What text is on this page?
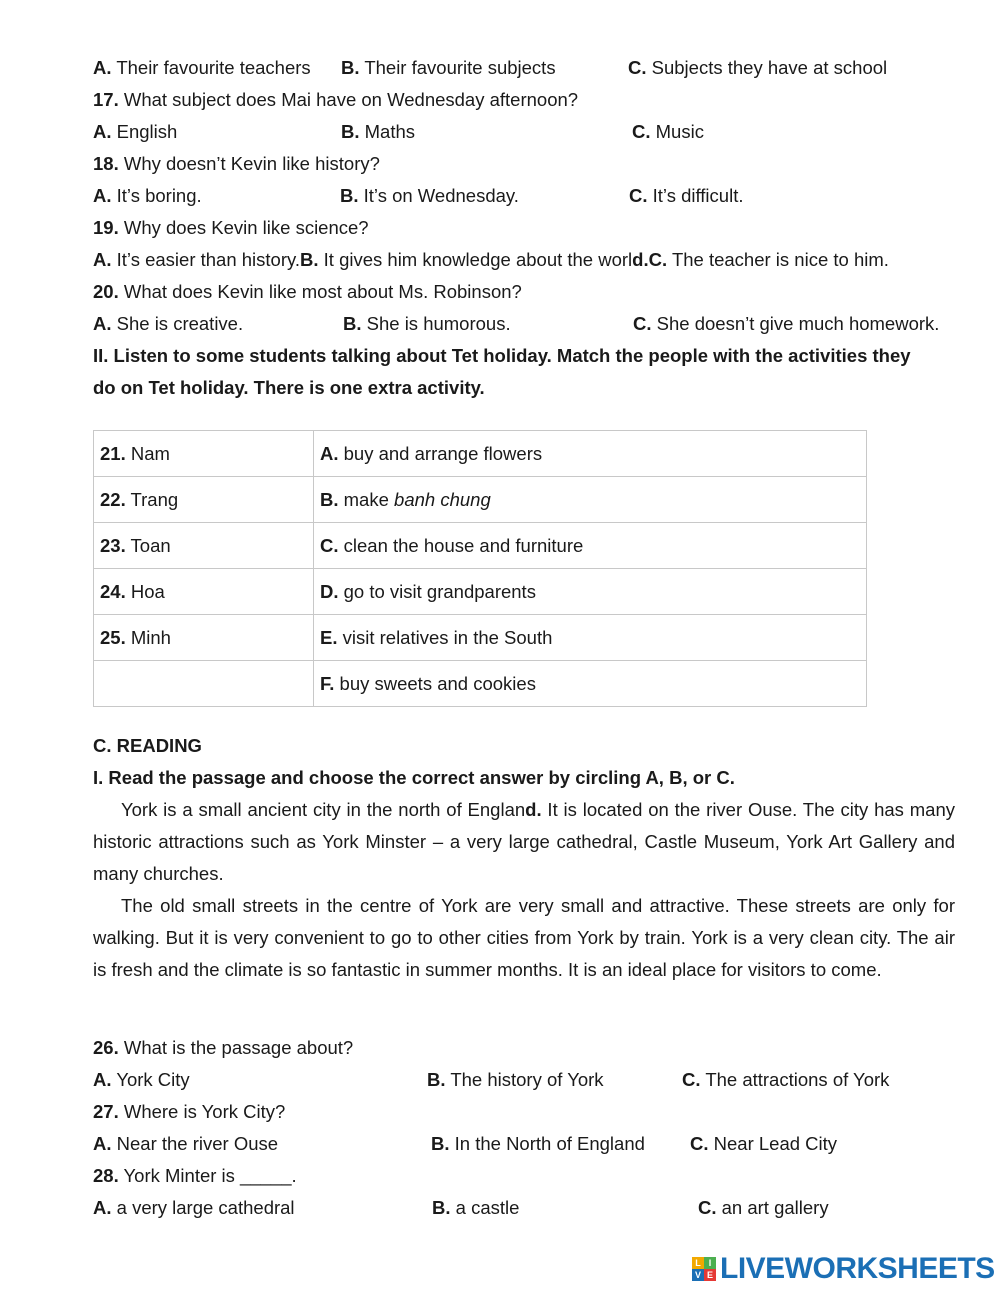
A. Their favourite teachers B. Their favourite subjects	C. Subjects they have at school
17. What subject does Mai have on Wednesday afternoon?
A. English	B. Maths	C. Music
18. Why doesn’t Kevin like history?
A. It’s boring.	B. It’s on Wednesday.	C. It’s difficult.
19. Why does Kevin like science?
A. It’s easier than history.B. It gives him knowledge about the world.C. The teacher is nice to him.
20. What does Kevin like most about Ms. Robinson?
A. She is creative.	B. She is humorous.	C. She doesn’t give much homework.
II. Listen to some students talking about Tet holiday. Match the people with the activities they
do on Tet holiday. There is one extra activity.
21. Nam	A. buy and arrange flowers
22. Trang	B. make banh chung
23. Toan	C. clean the house and furniture
24. Hoa	D. go to visit grandparents
25. Minh	E. visit relatives in the South
	F. buy sweets and cookies
C. READING
I. Read the passage and choose the correct answer by circling A, B, or C.
York is a small ancient city in the north of England. It is located on the river Ouse. The city has many historic attractions such as York Minster – a very large cathedral, Castle Museum, York Art Gallery and many churches.
The old small streets in the centre of York are very small and attractive. These streets are only for walking. But it is very convenient to go to other cities from York by train. York is a very clean city. The air is fresh and the climate is so fantastic in summer months. It is an ideal place for visitors to come.
26. What is the passage about?
A. York City	B. The history of York	C. The attractions of York
27. Where is York City?
A. Near the river Ouse	B. In the North of England C. Near Lead City
28. York Minter is _____.
A. a very large cathedral	B. a castle	C. an art gallery
L I
V E LIVEWORKSHEETS
